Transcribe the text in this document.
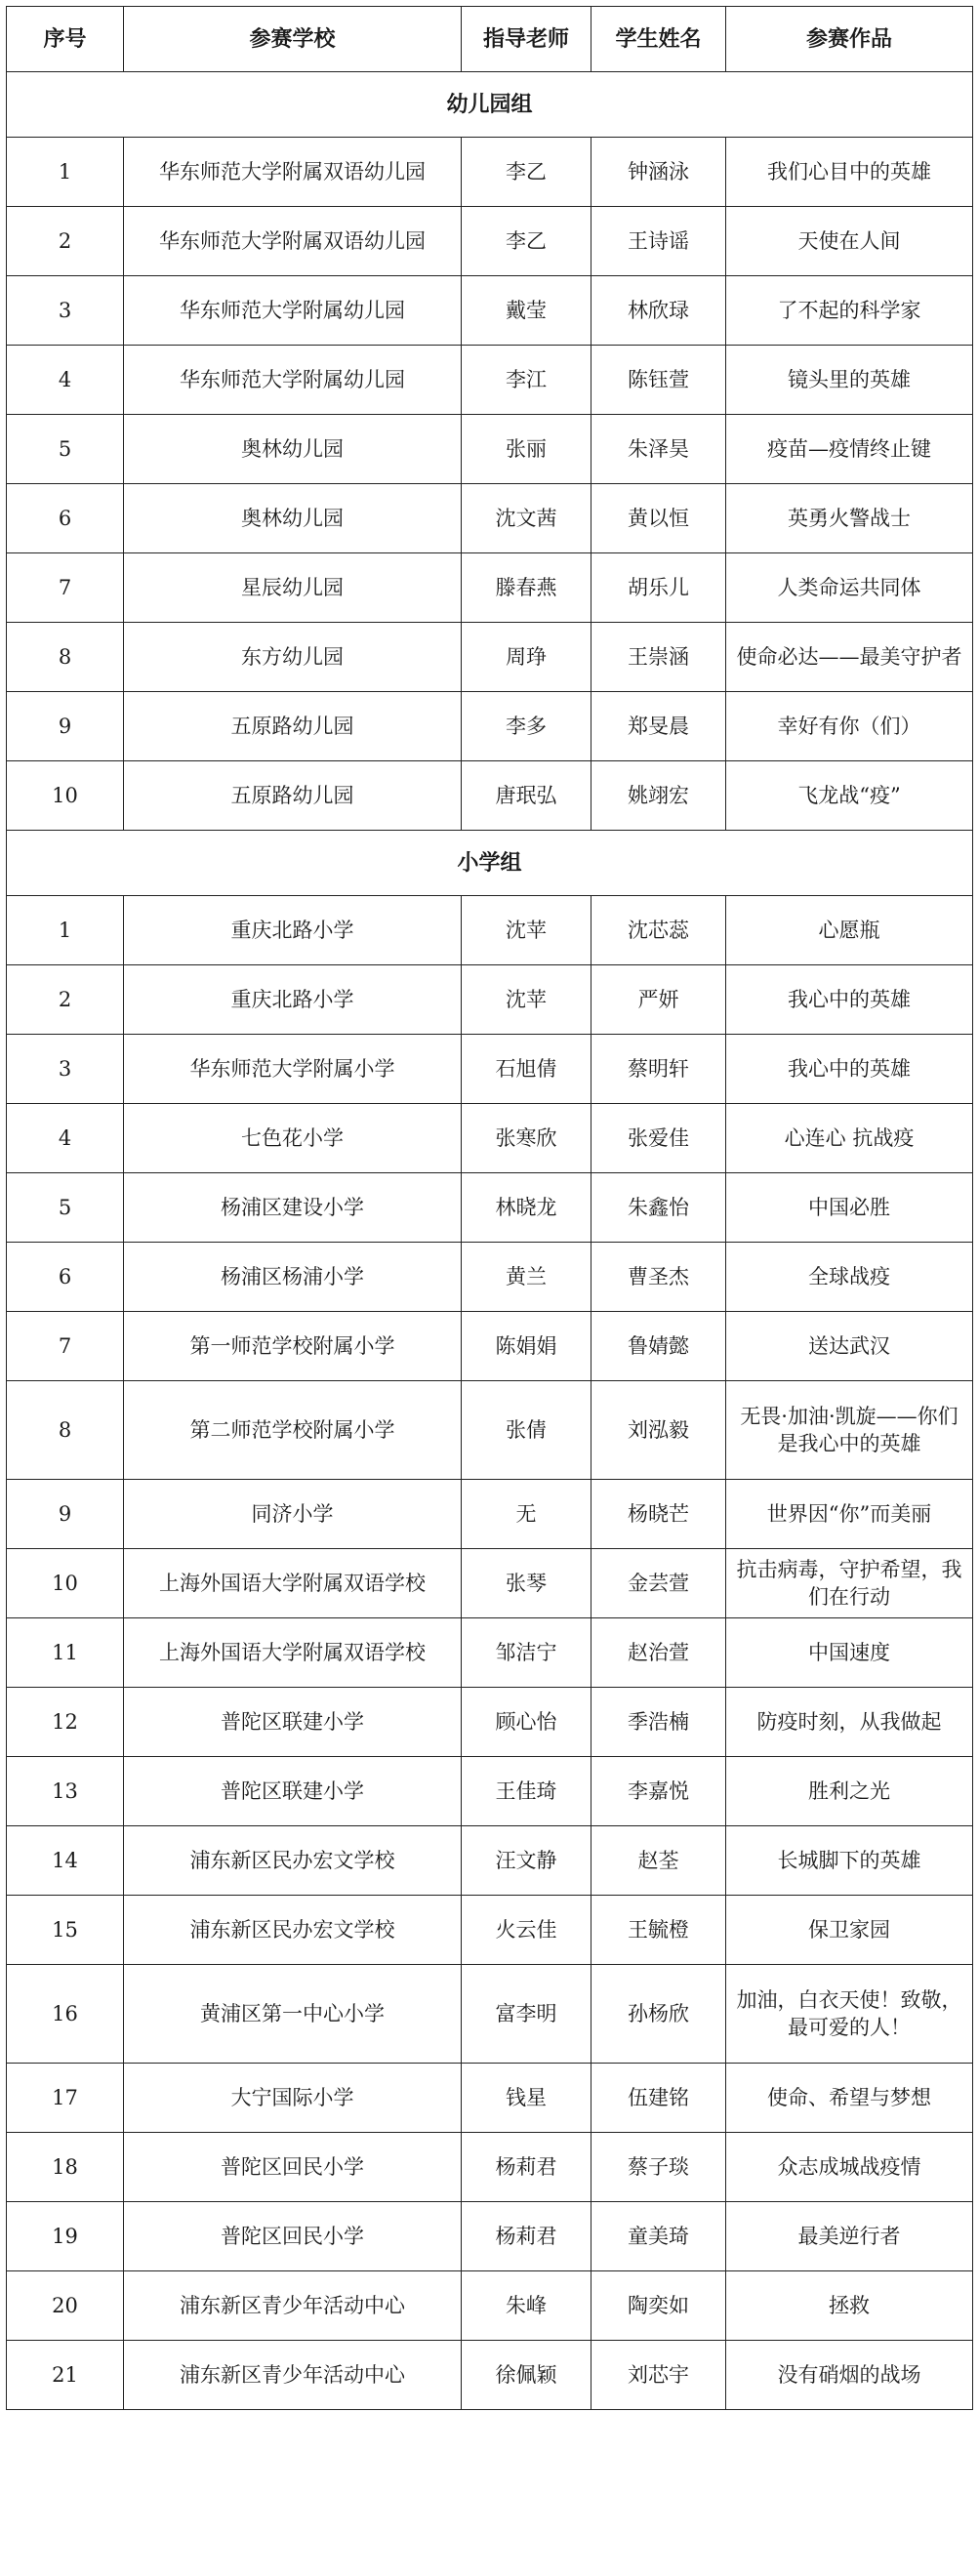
序号	参赛学校	指导老师	学生姓名	参赛作品
幼儿园组				
1	华东师范大学附属双语幼儿园	李乙	钟涵泳	我们心目中的英雄
2	华东师范大学附属双语幼儿园	李乙	王诗谣	天使在人间
3	华东师范大学附属幼儿园	戴莹	林欣琭	了不起的科学家
4	华东师范大学附属幼儿园	李江	陈钰萱	镜头里的英雄
5	奥林幼儿园	张丽	朱泽昊	疫苗—疫情终止键
6	奥林幼儿园	沈文茜	黄以恒	英勇火警战士
7	星辰幼儿园	滕春燕	胡乐儿	人类命运共同体
8	东方幼儿园	周琤	王崇涵	使命必达——最美守护者
9	五原路幼儿园	李多	郑旻晨	幸好有你（们）
10	五原路幼儿园	唐珉弘	姚翊宏	飞龙战“疫”
小学组				
1	重庆北路小学	沈苹	沈芯蕊	心愿瓶
2	重庆北路小学	沈苹	严妍	我心中的英雄
3	华东师范大学附属小学	石旭倩	蔡明轩	我心中的英雄
4	七色花小学	张寒欣	张爱佳	心连心 抗战疫
5	杨浦区建设小学	林晓龙	朱鑫怡	中国必胜
6	杨浦区杨浦小学	黄兰	曹圣杰	全球战疫
7	第一师范学校附属小学	陈娟娟	鲁婧懿	送达武汉
8	第二师范学校附属小学	张倩	刘泓毅	无畏·加油·凯旋——你们是我心中的英雄
9	同济小学	无	杨晓芒	世界因“你”而美丽
10	上海外国语大学附属双语学校	张琴	金芸萱	抗击病毒，守护希望，我们在行动
11	上海外国语大学附属双语学校	邹洁宁	赵治萱	中国速度
12	普陀区联建小学	顾心怡	季浩楠	防疫时刻，从我做起
13	普陀区联建小学	王佳琦	李嘉悦	胜利之光
14	浦东新区民办宏文学校	汪文静	赵荃	长城脚下的英雄
15	浦东新区民办宏文学校	火云佳	王毓橙	保卫家园
16	黄浦区第一中心小学	富李明	孙杨欣	加油，白衣天使！致敬，最可爱的人！
17	大宁国际小学	钱星	伍建铭	使命、希望与梦想
18	普陀区回民小学	杨莉君	蔡子琰	众志成城战疫情
19	普陀区回民小学	杨莉君	童美琦	最美逆行者
20	浦东新区青少年活动中心	朱峰	陶奕如	拯救
21	浦东新区青少年活动中心	徐佩颖	刘芯宇	没有硝烟的战场
